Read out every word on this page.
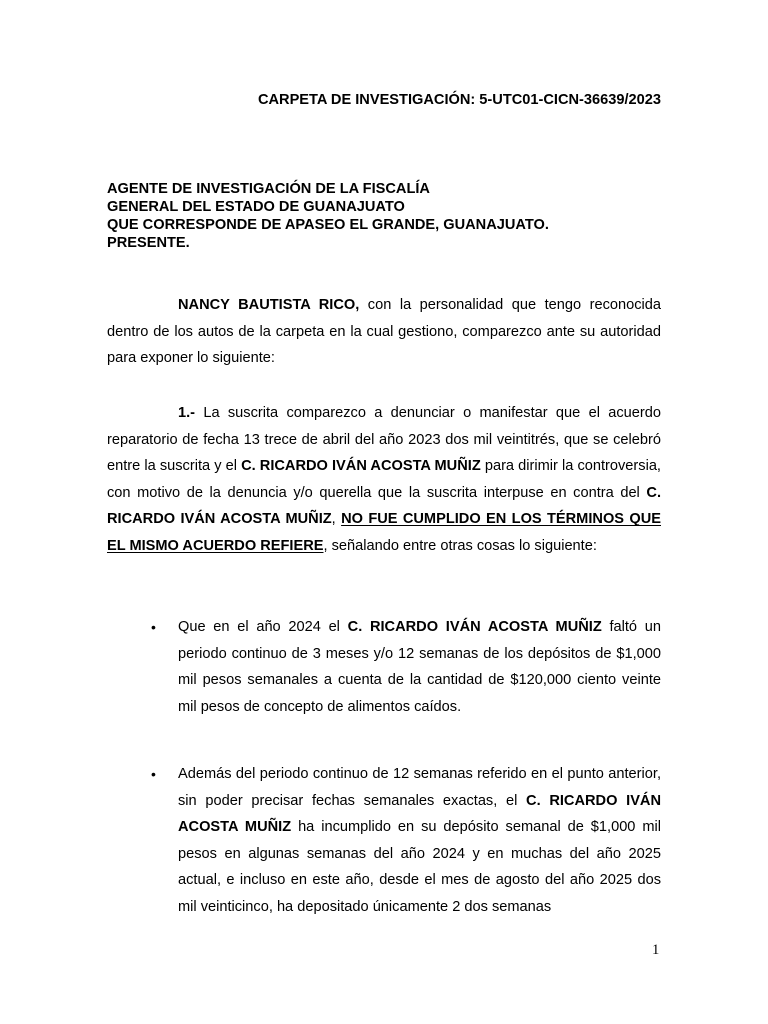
CARPETA DE INVESTIGACIÓN: 5-UTC01-CICN-36639/2023
AGENTE DE INVESTIGACIÓN DE LA FISCALÍA
GENERAL DEL ESTADO DE GUANAJUATO
QUE CORRESPONDE DE APASEO EL GRANDE, GUANAJUATO.
PRESENTE.
NANCY BAUTISTA RICO, con la personalidad que tengo reconocida dentro de los autos de la carpeta en la cual gestiono, comparezco ante su autoridad para exponer lo siguiente:
1.- La suscrita comparezco a denunciar o manifestar que el acuerdo reparatorio de fecha 13 trece de abril del año 2023 dos mil veintitrés, que se celebró entre la suscrita y el C. RICARDO IVÁN ACOSTA MUÑIZ para dirimir la controversia, con motivo de la denuncia y/o querella que la suscrita interpuse en contra del C. RICARDO IVÁN ACOSTA MUÑIZ, NO FUE CUMPLIDO EN LOS TÉRMINOS QUE EL MISMO ACUERDO REFIERE, señalando entre otras cosas lo siguiente:
• Que en el año 2024 el C. RICARDO IVÁN ACOSTA MUÑIZ faltó un periodo continuo de 3 meses y/o 12 semanas de los depósitos de $1,000 mil pesos semanales a cuenta de la cantidad de $120,000 ciento veinte mil pesos de concepto de alimentos caídos.
• Además del periodo continuo de 12 semanas referido en el punto anterior, sin poder precisar fechas semanales exactas, el C. RICARDO IVÁN ACOSTA MUÑIZ ha incumplido en su depósito semanal de $1,000 mil pesos en algunas semanas del año 2024 y en muchas del año 2025 actual, e incluso en este año, desde el mes de agosto del año 2025 dos mil veinticinco, ha depositado únicamente 2 dos semanas
1
